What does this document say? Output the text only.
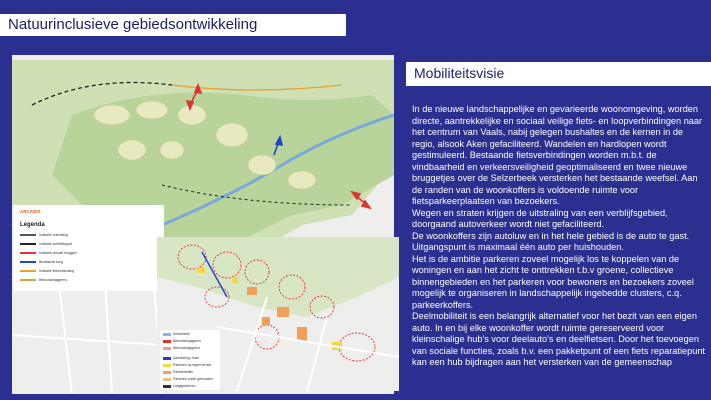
Natuurinclusieve gebiedsontwikkeling
ARCADIS
Legenda
Indicatie ontsluiting
Indicatie voet/fietspad
Indicatie nieuwe bruggen
Bestaande brug
Indicatie fietsontsluiting
Beboutwingsgrens
Selzerbeek
Beboutwingsgrens
Bebouwingsgrens
Aansluiting / tram
Parkeren op eigen terrein
Parkeerkoffer
Parkeren onder gebouwen
Langsparkeren
Mobiliteitsvisie

In de nieuwe landschappelijke en gevarieerde woonomgeving, worden directe, aantrekkelijke en sociaal veilige fiets- en loopverbindingen naar het centrum van Vaals, nabij gelegen bushaltes en de kernen in de regio, alsook Aken gefaciliteerd. Wandelen en hardlopen wordt gestimuleerd. Bestaande fietsverbindingen worden m.b.t. de vindbaarheid en verkeersveiligheid geoptimaliseerd en twee nieuwe bruggetjes over de Selzerbeek versterken het bestaande weefsel. Aan de randen van de woonkoffers is voldoende ruimte voor fietsparkeerplaatsen van bezoekers.

Wegen en straten krijgen de uitstraling van een verblijfsgebied, doorgaand autoverkeer wordt niet gefaciliteerd.

De woonkoffers zijn autoluw en in het hele gebied is de auto te gast. Uitgangspunt is maximaal één auto per huishouden.

Het is de ambitie parkeren zoveel mogelijk los te koppelen van de woningen en aan het zicht te onttrekken t.b.v groene, collectieve binnengebieden en het parkeren voor bewoners en bezoekers zoveel mogelijk te organiseren in landschappelijk ingebedde clusters, c.q. parkeerkoffers.

Deelmobiliteit is een belangrijk alternatief voor het bezit van een eigen auto. In en bij elke woonkoffer wordt ruimte gereserveerd voor kleinschalige hub's voor deelauto's en deelfietsen. Door het toevoegen van sociale functies, zoals b.v. een pakketpunt of een fiets reparatiepunt kan een hub bijdragen aan het versterken van de gemeenschap
